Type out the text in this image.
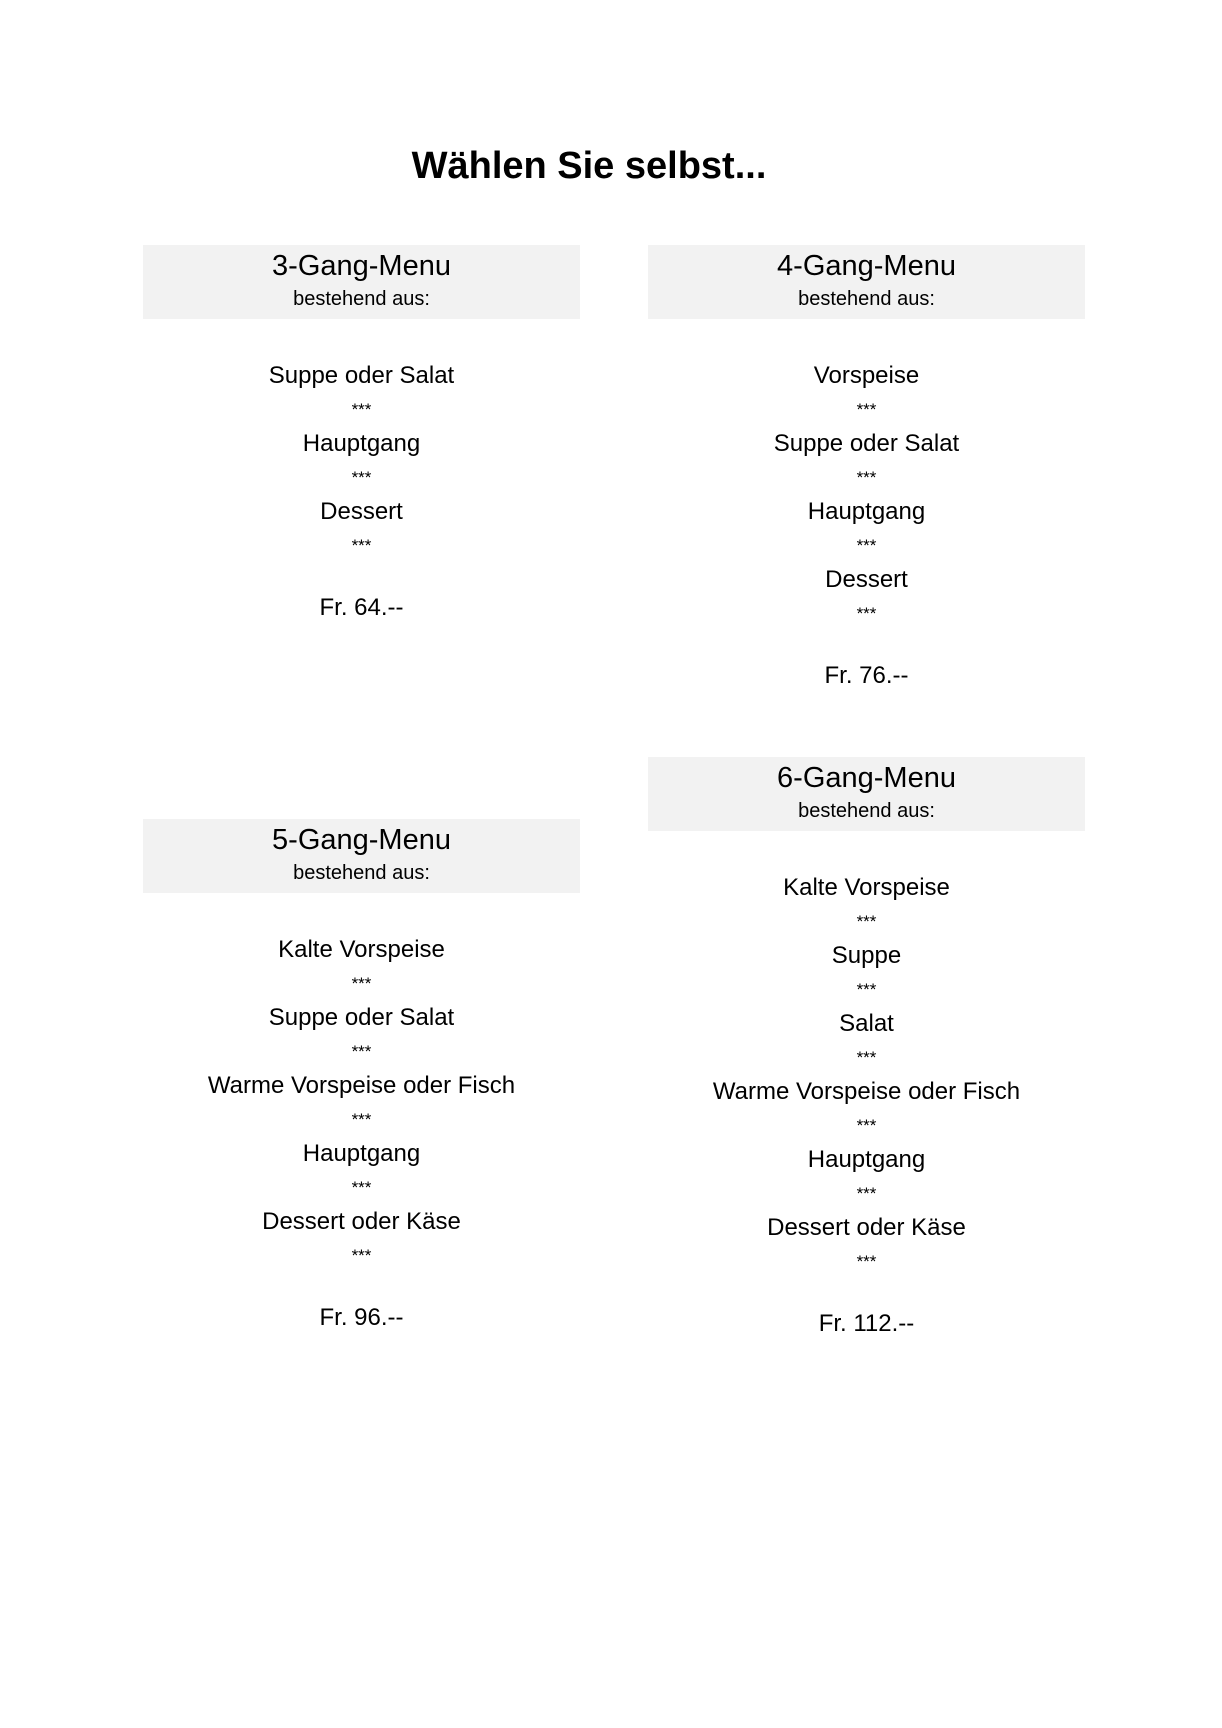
Wählen Sie selbst...
3-Gang-Menu
bestehend aus:
Suppe oder Salat
***
Hauptgang
***
Dessert
***
Fr. 64.--
4-Gang-Menu
bestehend aus:
Vorspeise
***
Suppe oder Salat
***
Hauptgang
***
Dessert
***
Fr. 76.--
5-Gang-Menu
bestehend aus:
Kalte Vorspeise
***
Suppe oder Salat
***
Warme Vorspeise oder Fisch
***
Hauptgang
***
Dessert oder Käse
***
Fr. 96.--
6-Gang-Menu
bestehend aus:
Kalte Vorspeise
***
Suppe
***
Salat
***
Warme Vorspeise oder Fisch
***
Hauptgang
***
Dessert oder Käse
***
Fr. 112.--
